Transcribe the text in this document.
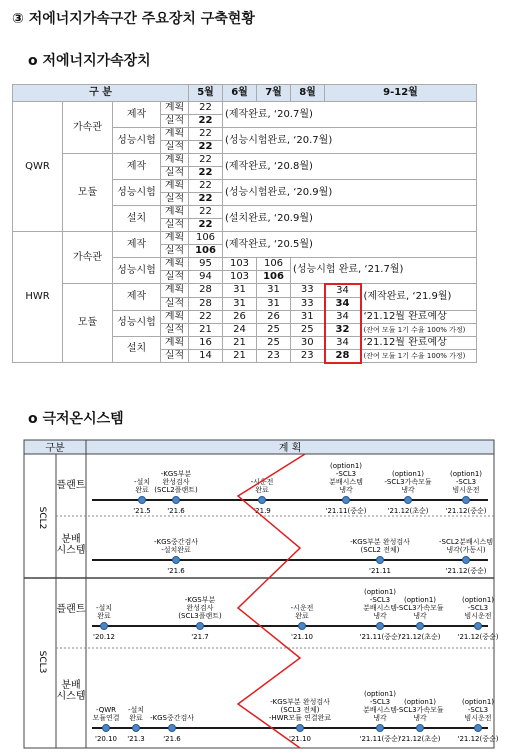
③ 저에너지가속구간 주요장치 구축현황
o 저에너지가속장치
구 분				5월	6월	7월	8월	9-12월	
QWR	가속관	제작	계획	22	(제작완료, ‘20.7월)				
			실적	22					
		성능시험	계획	22	(성능시험완료, ‘20.7월)				
			실적	22					
	모듈	제작	계획	22	(제작완료, ‘20.8월)				
			실적	22					
		성능시험	계획	22	(성능시험완료, ‘20.9월)				
			실적	22					
		설치	계획	22	(설치완료, ‘20.9월)				
			실적	22					
HWR	가속관	제작	계획	106	(제작완료, ‘20.5월)				
			실적	106					
		성능시험	계획	95	103	106	(성능시험 완료, ‘21.7월)		
			실적	94	103	106			
	모듈	제작	계획	28	31	31	33	34	(제작완료, ‘21.9월)
			실적	28	31	31	33	34	
		성능시험	계획	22	26	26	31	34	‘21.12월 완료예상
			실적	21	24	25	25	32	(잔여 모듈 1기 수율 100% 가정)
		설치	계획	16	21	25	30	34	‘21.12월 완료예상
			실적	14	21	23	23	28	(잔여 모듈 1기 수율 100% 가정)
o 극저온시스템
구분	계 획
SCL2
SCL3
플랜트
분배 시스템
플랜트
분배 시스템
-설치 완료
'21.5
-KGS부분 완성검사 (SCL2플랜트)
'21.6
-시운전 완료
'21.9
(option1) -SCL3 분배시스템 냉각
'21.11(중순)
(option1) -SCL3가속모듈 냉각
'21.12(초순)
(option1) -SCL3 빔시운전
'21.12(중순)
-KGS중간검사 -설치완료
'21.6
-KGS부분 완성검사 (SCL2 전체)
'21.11
-SCL2분배시스템 냉각(가동시)
'21.12(중순)
-설치 완료
'20.12
-KGS부분 완성검사 (SCL3플랜트)
'21.7
-시운전 완료
'21.10
(option1) -SCL3 분배시스템 냉각
'21.11(중순)
(option1) -SCL3가속모듈 냉각
'21.12(초순)
(option1) -SCL3 빔시운전
'21.12(중순)
-QWR 모듈연결
'20.10
-설치 완료
'21.3
-KGS중간검사
'21.6
-KGS부분 완성검사 (SCL3 전체) -HWR모듈 연결완료
'21.10
(option1) -SCL3 분배시스템 냉각
'21.11(중순)
(option1) -SCL3가속모듈 냉각
'21.12(초순)
(option1) -SCL3 빔시운전
'21.12(중순)
